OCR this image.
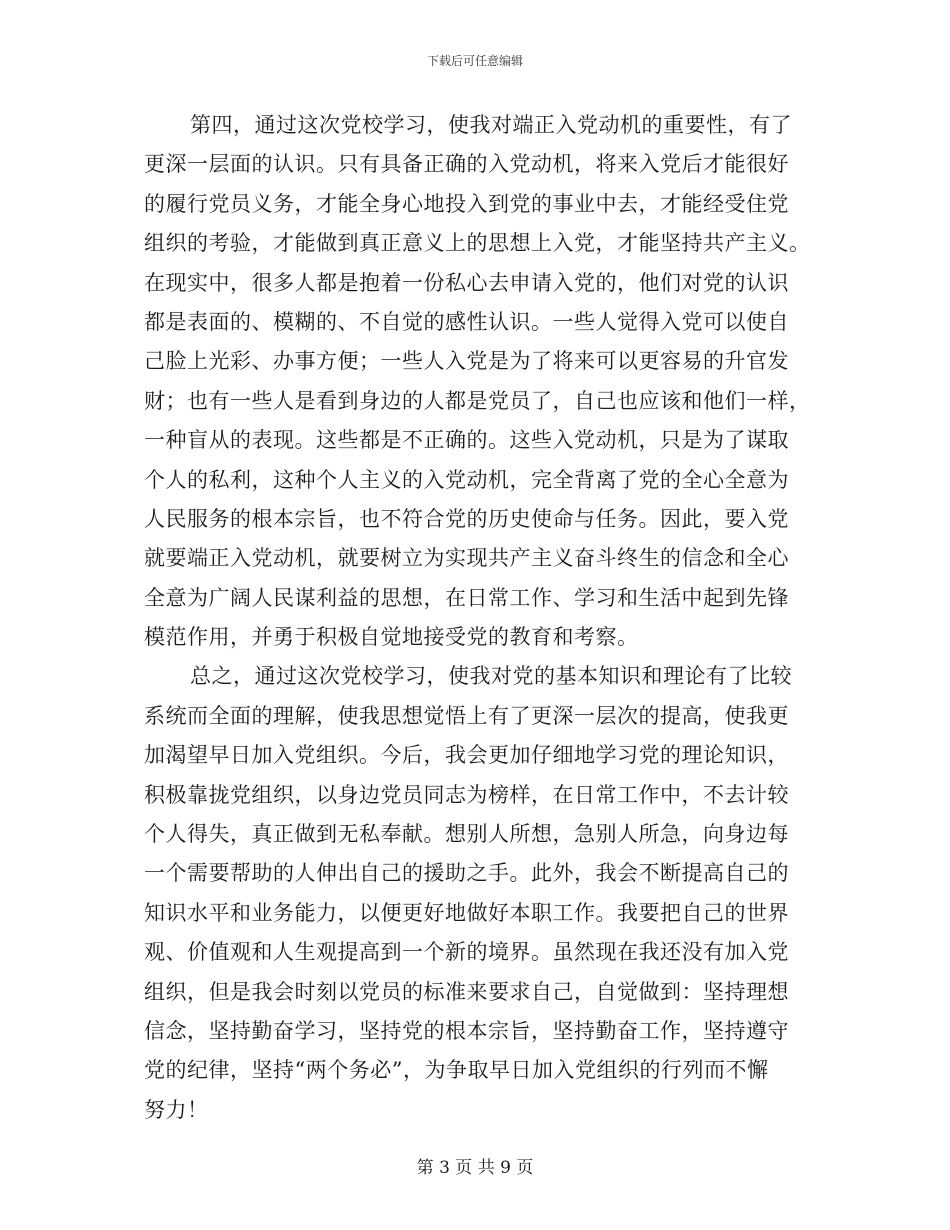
下载后可任意编辑
第四，通过这次党校学习，使我对端正入党动机的重要性，有了
更深一层面的认识。只有具备正确的入党动机，将来入党后才能很好
的履行党员义务，才能全身心地投入到党的事业中去，才能经受住党
组织的考验，才能做到真正意义上的思想上入党，才能坚持共产主义。
在现实中，很多人都是抱着一份私心去申请入党的，他们对党的认识
都是表面的、模糊的、不自觉的感性认识。一些人觉得入党可以使自
己脸上光彩、办事方便；一些人入党是为了将来可以更容易的升官发
财；也有一些人是看到身边的人都是党员了，自己也应该和他们一样，
一种盲从的表现。这些都是不正确的。这些入党动机，只是为了谋取
个人的私利，这种个人主义的入党动机，完全背离了党的全心全意为
人民服务的根本宗旨，也不符合党的历史使命与任务。因此，要入党
就要端正入党动机，就要树立为实现共产主义奋斗终生的信念和全心
全意为广阔人民谋利益的思想，在日常工作、学习和生活中起到先锋
模范作用，并勇于积极自觉地接受党的教育和考察。
总之，通过这次党校学习，使我对党的基本知识和理论有了比较
系统而全面的理解，使我思想觉悟上有了更深一层次的提高，使我更
加渴望早日加入党组织。今后，我会更加仔细地学习党的理论知识，
积极靠拢党组织，以身边党员同志为榜样，在日常工作中，不去计较
个人得失，真正做到无私奉献。想别人所想，急别人所急，向身边每
一个需要帮助的人伸出自己的援助之手。此外，我会不断提高自己的
知识水平和业务能力，以便更好地做好本职工作。我要把自己的世界
观、价值观和人生观提高到一个新的境界。虽然现在我还没有加入党
组织，但是我会时刻以党员的标准来要求自己，自觉做到：坚持理想
信念，坚持勤奋学习，坚持党的根本宗旨，坚持勤奋工作，坚持遵守
党的纪律，坚持“两个务必”，为争取早日加入党组织的行列而不懈
努力！
第 3 页 共 9 页
